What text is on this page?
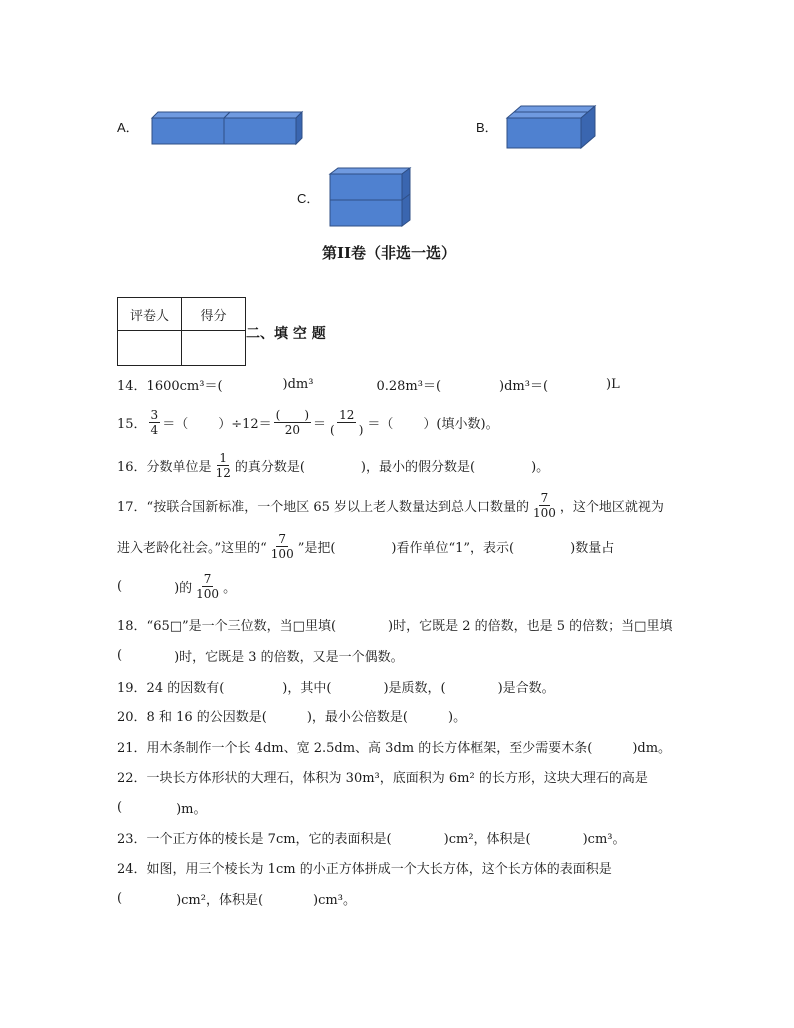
A．	B．
C．
第II卷（非选一选）
评卷人	得分

二、填 空 题
14． 1600cm³＝(	)dm³	0.28m³＝(	)dm³＝(	)L
15． $\frac{3}{4}$ ＝（ ）$\div 12= \frac{( )}{20} = \frac{12}{( )}$ ＝（ ）(填小数)。
16． 分数单位是 $\frac{1}{12}$ 的真分数是(	)，最小的假分数是(	)。
17． “按联合国新标准，一个地区 65 岁以上老人数量达到总人口数量的 $\frac{7}{100}$ ，这个地区就视为
进入老龄化社会。”这里的“ $\frac{7}{100}$ ”是把(	)看作单位“1”，表示(	)数量占
(	)的 $\frac{7}{100}$ 。
18． “65□”是一个三位数，当□里填(	)时，它既是 2 的倍数，也是 5 的倍数；当□里填
(	)时，它既是 3 的倍数，又是一个偶数。
19． 24 的因数有(	)，其中(	)是质数，(	)是合数。
20． 8 和 16 的公因数是(	)，最小公倍数是(	)。
21． 用木条制作一个长 4dm、宽 2.5dm、高 3dm 的长方体框架，至少需要木条(	)dm。
22． 一块长方体形状的大理石，体积为 30m³，底面积为 6m² 的长方形，这块大理石的高是
(	)m。
23． 一个正方体的棱长是 7cm，它的表面积是(	)cm²，体积是(	)cm³。
24． 如图，用三个棱长为 1cm 的小正方体拼成一个大长方体，这个长方体的表面积是
(	)cm²，体积是(	)cm³。
